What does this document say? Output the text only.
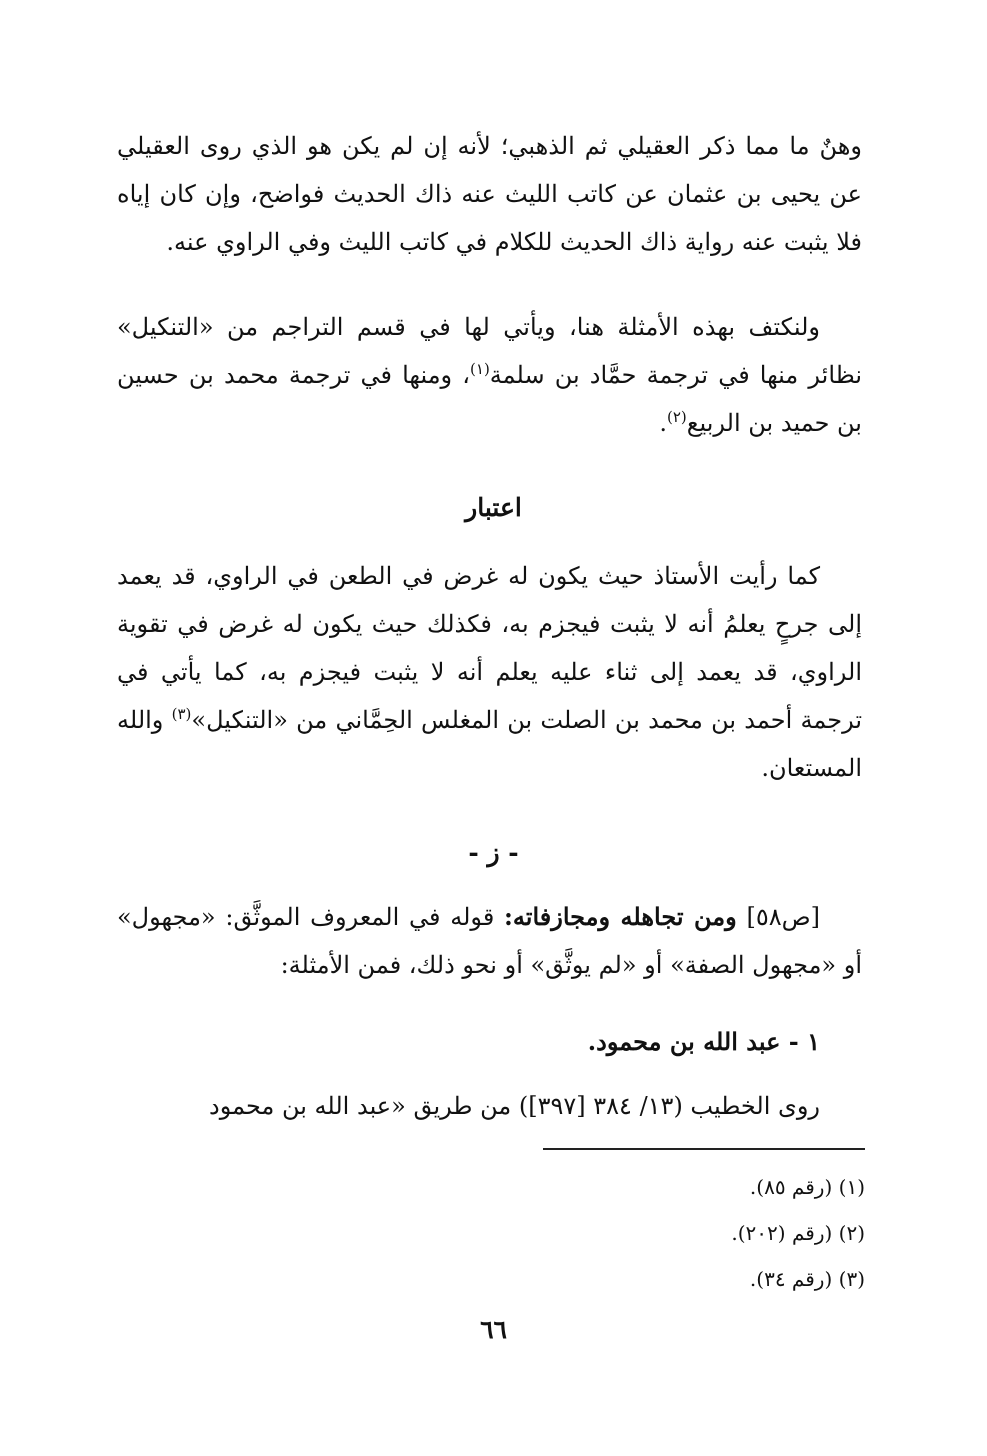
وهنٌ ما مما ذكر العقيلي ثم الذهبي؛ لأنه إن لم يكن هو الذي روى العقيلي عن يحيى بن عثمان عن كاتب الليث عنه ذاك الحديث فواضح، وإن كان إياه فلا يثبت عنه رواية ذاك الحديث للكلام في كاتب الليث وفي الراوي عنه.

ولنكتف بهذه الأمثلة هنا، ويأتي لها في قسم التراجم من «التنكيل» نظائر منها في ترجمة حمَّاد بن سلمة$^{(١)}$، ومنها في ترجمة محمد بن حسين بن حميد بن الربيع$^{(٢)}$.

اعتبار

كما رأيت الأستاذ حيث يكون له غرض في الطعن في الراوي، قد يعمد إلى جرحٍ يعلمُ أنه لا يثبت فيجزم به، فكذلك حيث يكون له غرض في تقوية الراوي، قد يعمد إلى ثناء عليه يعلم أنه لا يثبت فيجزم به، كما يأتي في ترجمة أحمد بن محمد بن الصلت بن المغلس الحِمَّاني من «التنكيل»$^{(٣)}$ والله المستعان.

- ز -

[ص٥٨] ومن تجاهله ومجازفاته: قوله في المعروف الموثَّق: «مجهول» أو «مجهول الصفة» أو «لم يوثَّق» أو نحو ذلك، فمن الأمثلة:

١ - عبد الله بن محمود.

روى الخطيب (١٣/ ٣٨٤ [٣٩٧]) من طريق «عبد الله بن محمود

(١) (رقم ٨٥).
(٢) (رقم (٢٠٢).
(٣) (رقم ٣٤).
٦٦
